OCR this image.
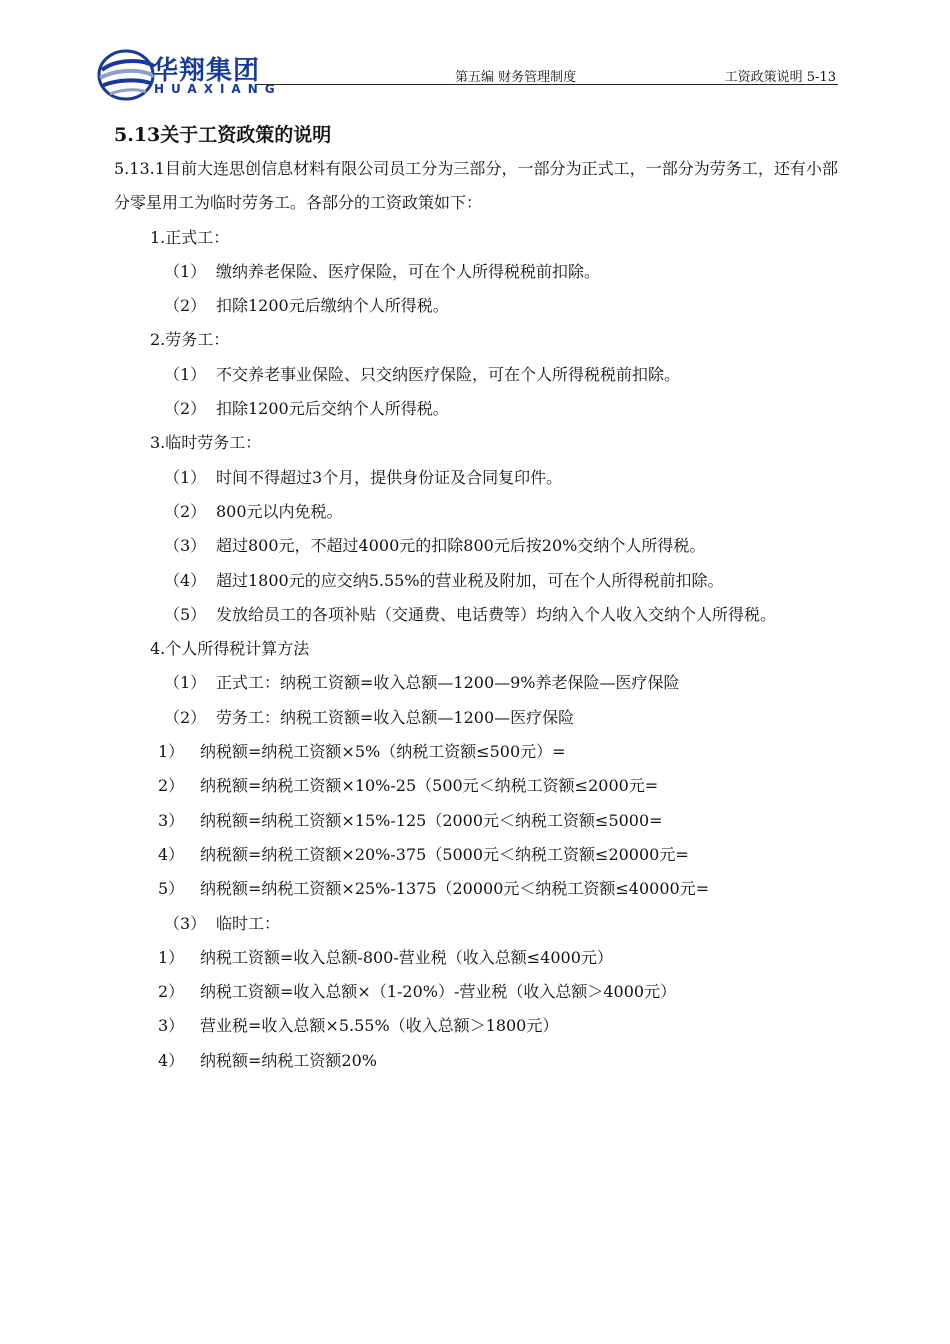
华翔集团
HUAXIANG
第五编 财务管理制度	工资政策说明 5-13

5.13关于工资政策的说明

5.13.1目前大连思创信息材料有限公司员工分为三部分，一部分为正式工，一部分为劳务工，还有小部分零星用工为临时劳务工。各部分的工资政策如下：

1.正式工：

（1） 缴纳养老保险、医疗保险，可在个人所得税税前扣除。
（2） 扣除1200元后缴纳个人所得税。

2.劳务工：

（1） 不交养老事业保险、只交纳医疗保险，可在个人所得税税前扣除。
（2） 扣除1200元后交纳个人所得税。

3.临时劳务工：

（1） 时间不得超过3个月，提供身份证及合同复印件。
（2） 800元以内免税。
（3） 超过800元，不超过4000元的扣除800元后按20%交纳个人所得税。
（4） 超过1800元的应交纳5.55%的营业税及附加，可在个人所得税前扣除。
（5） 发放给员工的各项补贴（交通费、电话费等）均纳入个人收入交纳个人所得税。

4.个人所得税计算方法

（1） 正式工：纳税工资额=收入总额—1200—9%养老保险—医疗保险
（2） 劳务工：纳税工资额=收入总额—1200—医疗保险
1） 纳税额=纳税工资额×5%（纳税工资额≤500元）=
2） 纳税额=纳税工资额×10%-25（500元＜纳税工资额≤2000元=
3） 纳税额=纳税工资额×15%-125（2000元＜纳税工资额≤5000=
4） 纳税额=纳税工资额×20%-375（5000元＜纳税工资额≤20000元=
5） 纳税额=纳税工资额×25%-1375（20000元＜纳税工资额≤40000元=
（3） 临时工：
1） 纳税工资额=收入总额-800-营业税（收入总额≤4000元）
2） 纳税工资额=收入总额×（1-20%）-营业税（收入总额＞4000元）
3） 营业税=收入总额×5.55%（收入总额＞1800元）
4） 纳税额=纳税工资额20%
